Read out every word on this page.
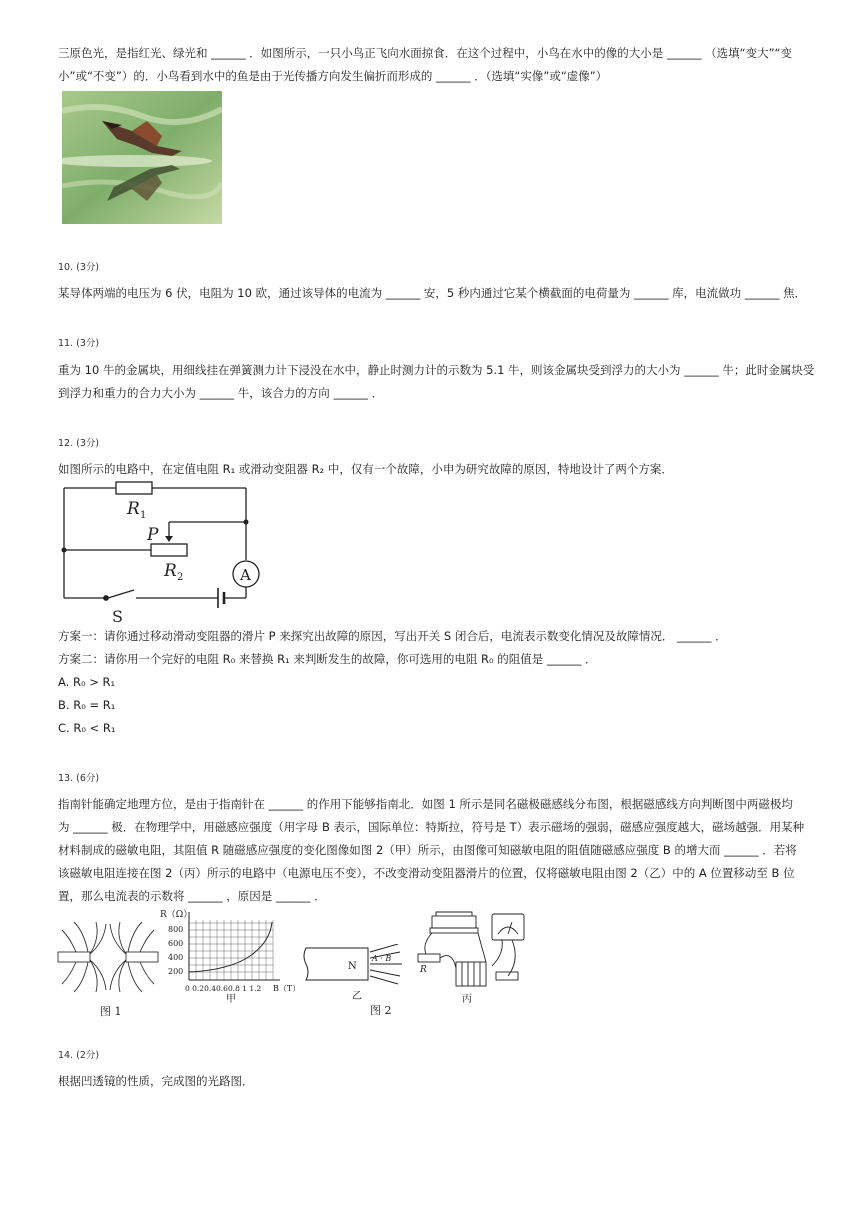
三原色光，是指红光、绿光和 ______ ．如图所示，一只小鸟正飞向水面掠食．在这个过程中，小鸟在水中的像的大小是 ______ （选填“变大”“变
小”或“不变”）的．小鸟看到水中的鱼是由于光传播方向发生偏折而形成的 ______ ．（选填“实像”或“虚像”）
10. (3分)
某导体两端的电压为 6 伏，电阻为 10 欧，通过该导体的电流为 ______ 安，5 秒内通过它某个横截面的电荷量为 ______ 库，电流做功 ______ 焦．
11. (3分)
重为 10 牛的金属块，用细线挂在弹簧测力计下浸没在水中，静止时测力计的示数为 5.1 牛，则该金属块受到浮力的大小为 ______ 牛；此时金属块受
到浮力和重力的合力大小为 ______ 牛，该合力的方向 ______ ．
12. (3分)
如图所示的电路中，在定值电阻 R₁ 或滑动变阻器 R₂ 中，仅有一个故障，小申为研究故障的原因，特地设计了两个方案．
R 1
P
R 2	A
S
方案一：请你通过移动滑动变阻器的滑片 P 来探究出故障的原因，写出开关 S 闭合后，电流表示数变化情况及故障情况． ______ ．
方案二：请你用一个完好的电阻 R₀ 来替换 R₁ 来判断发生的故障，你可选用的电阻 R₀ 的阻值是 ______ ．
A. R₀ > R₁
B. R₀ = R₁
C. R₀ < R₁
13. (6分)
指南针能确定地理方位，是由于指南针在 ______ 的作用下能够指南北．如图 1 所示是同名磁极磁感线分布图，根据磁感线方向判断图中两磁极均
为 ______ 极．在物理学中，用磁感应强度（用字母 B 表示，国际单位：特斯拉，符号是 T）表示磁场的强弱，磁感应强度越大，磁场越强．用某种
材料制成的磁敏电阻，其阻值 R 随磁感应强度的变化图像如图 2（甲）所示，由图像可知磁敏电阻的阻值随磁感应强度 B 的增大而 ______ ．若将
该磁敏电阻连接在图 2（丙）所示的电路中（电源电压不变），不改变滑动变阻器滑片的位置，仅将磁敏电阻由图 2（乙）中的 A 位置移动至 B 位
置，那么电流表的示数将 ______ ，原因是 ______ ．
图 1
R（Ω）
800
600
400
200
0 0.20.40.60.8 1 1.2 B（T）
甲
N
A · B
乙
图 2
R
丙
14. (2分)
根据凹透镜的性质，完成图的光路图．
